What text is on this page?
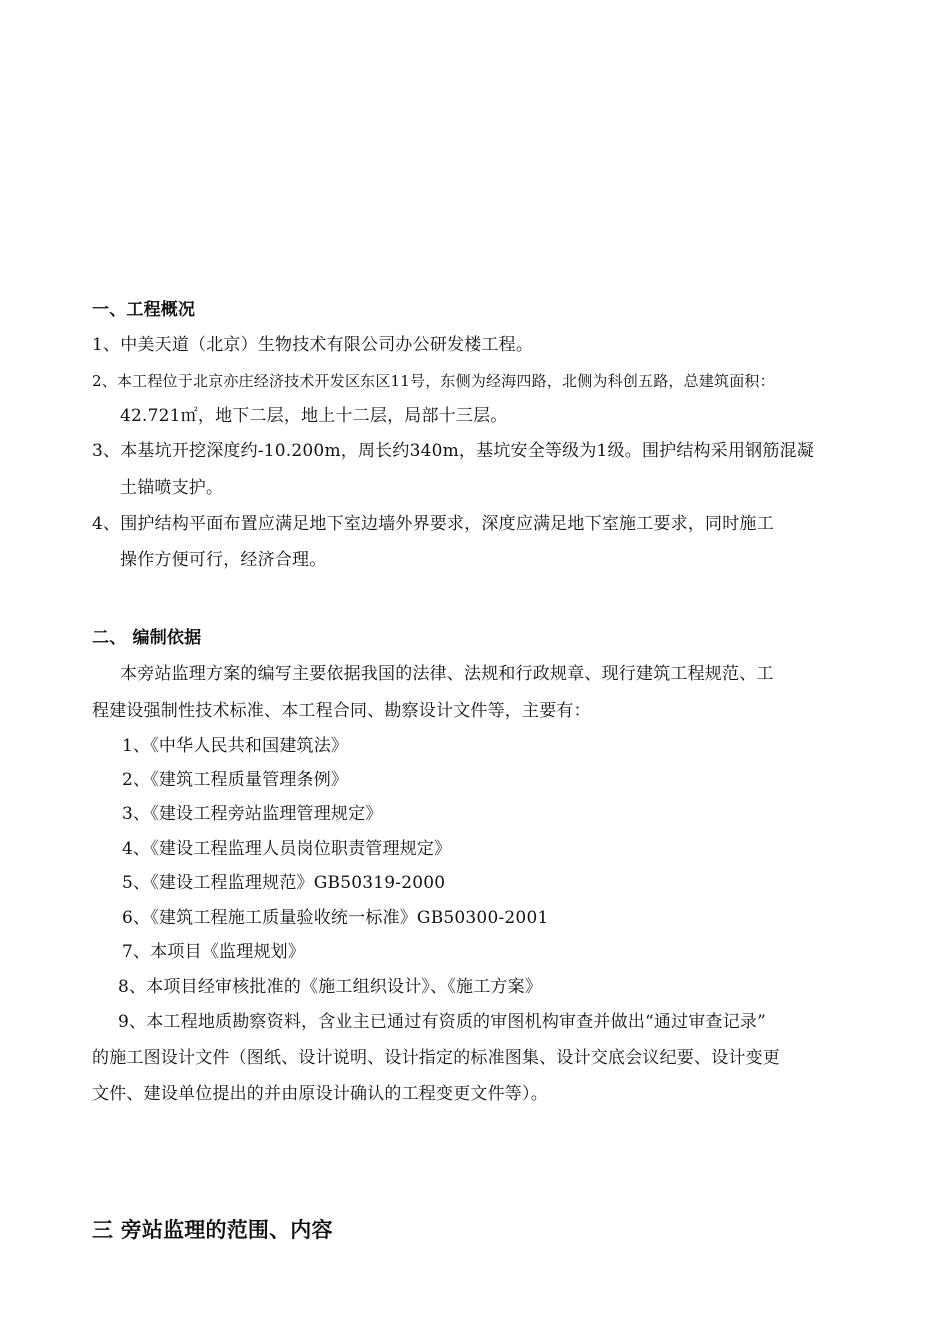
一、工程概况
1、中美天道（北京）生物技术有限公司办公研发楼工程。
2、本工程位于北京亦庄经济技术开发区东区11号，东侧为经海四路，北侧为科创五路，总建筑面积：
42.721㎡，地下二层，地上十二层，局部十三层。
3、本基坑开挖深度约-10.200m，周长约340m，基坑安全等级为1级。围护结构采用钢筋混凝
土锚喷支护。
4、围护结构平面布置应满足地下室边墙外界要求，深度应满足地下室施工要求，同时施工
操作方便可行，经济合理。
二、 编制依据
本旁站监理方案的编写主要依据我国的法律、法规和行政规章、现行建筑工程规范、工
程建设强制性技术标准、本工程合同、勘察设计文件等，主要有：
1、《中华人民共和国建筑法》
2、《建筑工程质量管理条例》
3、《建设工程旁站监理管理规定》
4、《建设工程监理人员岗位职责管理规定》
5、《建设工程监理规范》GB50319-2000
6、《建筑工程施工质量验收统一标准》GB50300-2001
7、本项目《监理规划》
8、本项目经审核批准的《施工组织设计》、《施工方案》
9、本工程地质勘察资料，含业主已通过有资质的审图机构审查并做出“通过审查记录”
的施工图设计文件（图纸、设计说明、设计指定的标准图集、设计交底会议纪要、设计变更
文件、建设单位提出的并由原设计确认的工程变更文件等）。
三 旁站监理的范围、内容
